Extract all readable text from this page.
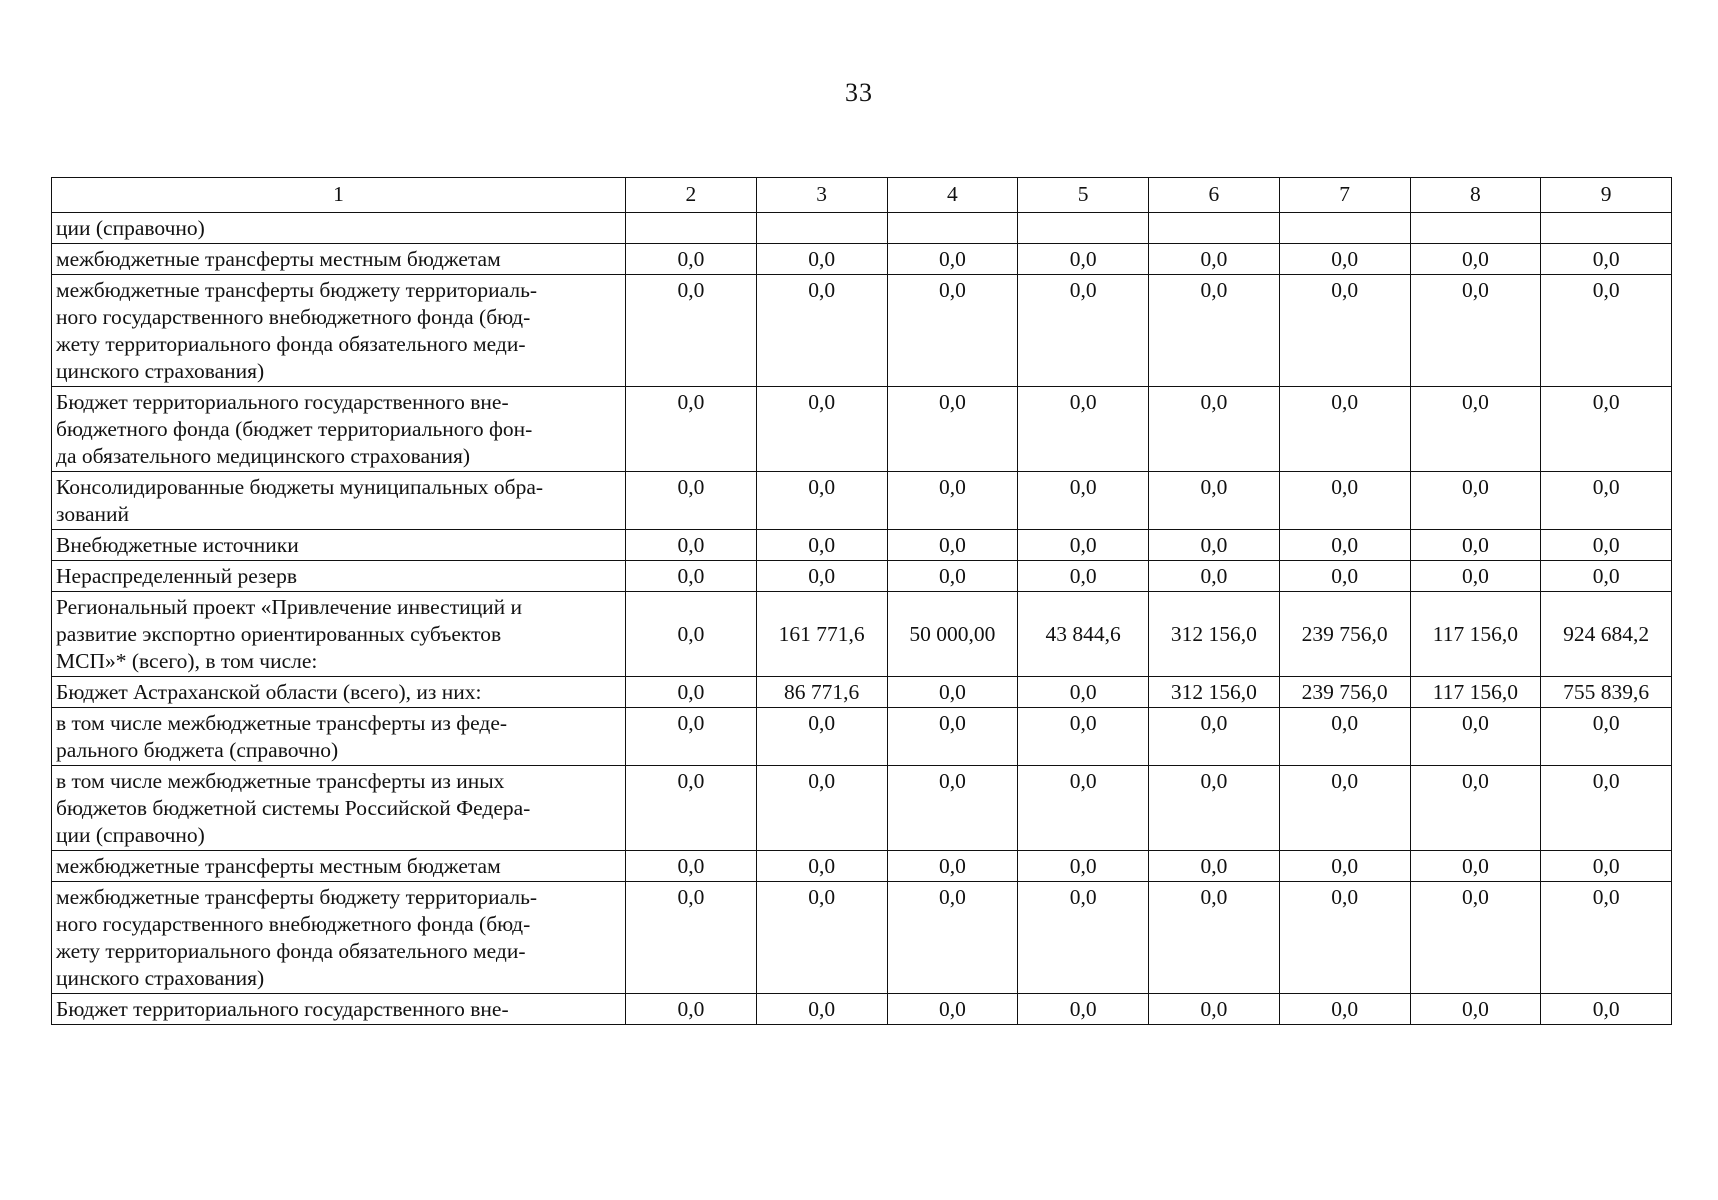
33
1	2	3	4	5	6	7	8	9
ции (справочно)								
межбюджетные трансферты местным бюджетам	0,0	0,0	0,0	0,0	0,0	0,0	0,0	0,0
межбюджетные трансферты бюджету территориаль-
ного государственного внебюджетного фонда (бюд-
жету территориального фонда обязательного меди-
цинского страхования)	0,0	0,0	0,0	0,0	0,0	0,0	0,0	0,0
Бюджет территориального государственного вне-
бюджетного фонда (бюджет территориального фон-
да обязательного медицинского страхования)	0,0	0,0	0,0	0,0	0,0	0,0	0,0	0,0
Консолидированные бюджеты муниципальных обра-
зований	0,0	0,0	0,0	0,0	0,0	0,0	0,0	0,0
Внебюджетные источники	0,0	0,0	0,0	0,0	0,0	0,0	0,0	0,0
Нераспределенный резерв	0,0	0,0	0,0	0,0	0,0	0,0	0,0	0,0
Региональный проект «Привлечение инвестиций и
развитие экспортно ориентированных субъектов
МСП»* (всего), в том числе:	0,0	161 771,6	50 000,00	43 844,6	312 156,0	239 756,0	117 156,0	924 684,2
Бюджет Астраханской области (всего), из них:	0,0	86 771,6	0,0	0,0	312 156,0	239 756,0	117 156,0	755 839,6
в том числе межбюджетные трансферты из феде-
рального бюджета (справочно)	0,0	0,0	0,0	0,0	0,0	0,0	0,0	0,0
в том числе межбюджетные трансферты из иных
бюджетов бюджетной системы Российской Федера-
ции (справочно)	0,0	0,0	0,0	0,0	0,0	0,0	0,0	0,0
межбюджетные трансферты местным бюджетам	0,0	0,0	0,0	0,0	0,0	0,0	0,0	0,0
межбюджетные трансферты бюджету территориаль-
ного государственного внебюджетного фонда (бюд-
жету территориального фонда обязательного меди-
цинского страхования)	0,0	0,0	0,0	0,0	0,0	0,0	0,0	0,0
Бюджет территориального государственного вне-	0,0	0,0	0,0	0,0	0,0	0,0	0,0	0,0
